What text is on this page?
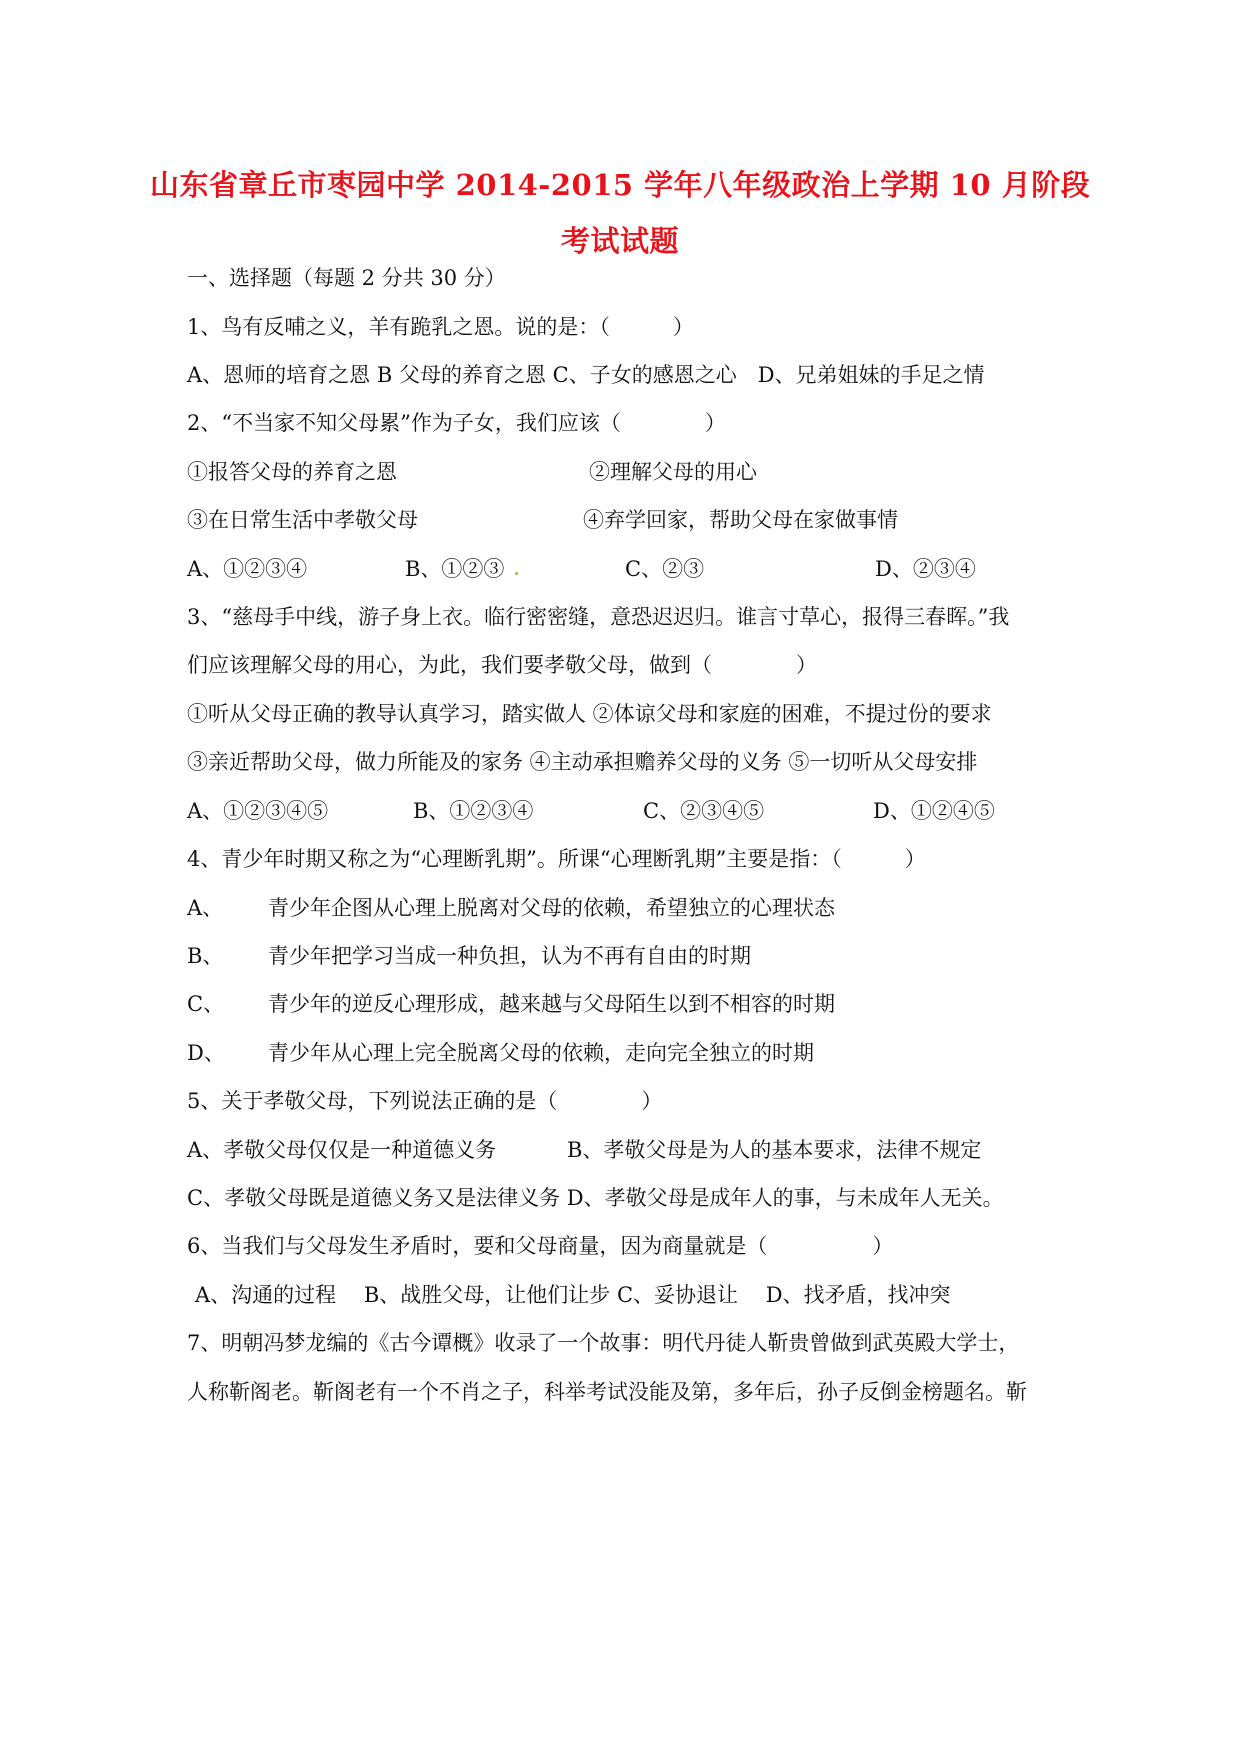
山东省章丘市枣园中学 2014-2015 学年八年级政治上学期 10 月阶段
考试试题
一、选择题（每题 2 分共 30 分）
1、鸟有反哺之义，羊有跪乳之恩。说的是：（　　　）
A、恩师的培育之恩 B 父母的养育之恩 C、子女的感恩之心　D、兄弟姐妹的手足之情
2、“不当家不知父母累”作为子女，我们应该（　　　　）
①报答父母的养育之恩	②理解父母的用心
③在日常生活中孝敬父母	④弃学回家，帮助父母在家做事情
A、①②③④	B、①②③	C、②③	D、②③④
3、“慈母手中线，游子身上衣。临行密密缝，意恐迟迟归。谁言寸草心，报得三春晖。”我
们应该理解父母的用心，为此，我们要孝敬父母，做到（　　　　）
①听从父母正确的教导认真学习，踏实做人 ②体谅父母和家庭的困难，不提过份的要求
③亲近帮助父母，做力所能及的家务 ④主动承担赡养父母的义务 ⑤一切听从父母安排
A、①②③④⑤	B、①②③④	C、②③④⑤	D、①②④⑤
4、青少年时期又称之为“心理断乳期”。所课“心理断乳期”主要是指：（　　　）
A、 青少年企图从心理上脱离对父母的依赖，希望独立的心理状态
B、 青少年把学习当成一种负担，认为不再有自由的时期
C、 青少年的逆反心理形成，越来越与父母陌生以到不相容的时期
D、 青少年从心理上完全脱离父母的依赖，走向完全独立的时期
5、关于孝敬父母，下列说法正确的是（　　　　）
A、孝敬父母仅仅是一种道德义务	B、孝敬父母是为人的基本要求，法律不规定
C、孝敬父母既是道德义务又是法律义务 D、孝敬父母是成年人的事，与未成年人无关。
6、当我们与父母发生矛盾时，要和父母商量，因为商量就是（　　　　　）
A、沟通的过程　 B、战胜父母，让他们让步 C、妥协退让　 D、找矛盾，找冲突
7、明朝冯梦龙编的《古今谭概》收录了一个故事：明代丹徒人靳贵曾做到武英殿大学士，
人称靳阁老。靳阁老有一个不肖之子，科举考试没能及第，多年后，孙子反倒金榜题名。靳
